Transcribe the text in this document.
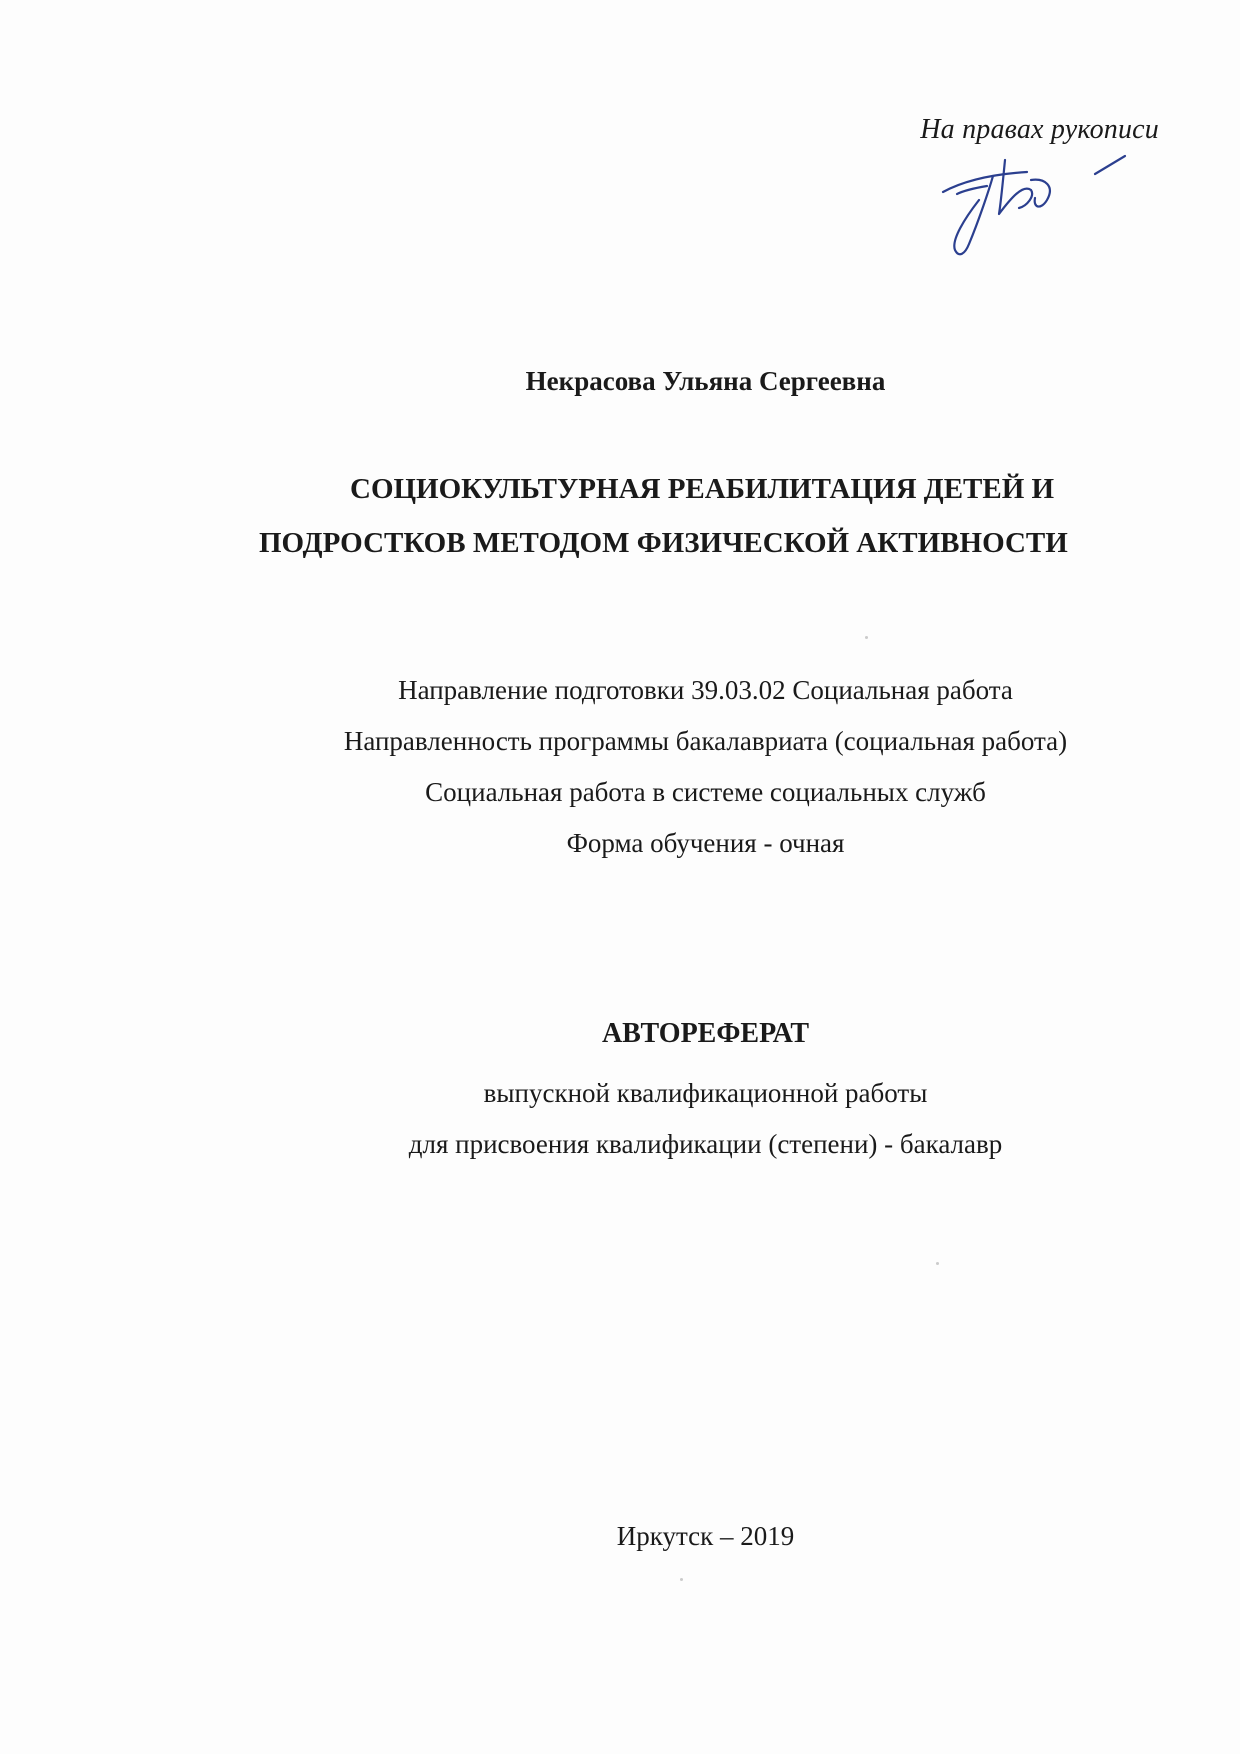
На правах рукописи
Некрасова Ульяна Сергеевна
СОЦИОКУЛЬТУРНАЯ РЕАБИЛИТАЦИЯ ДЕТЕЙ И
ПОДРОСТКОВ МЕТОДОМ ФИЗИЧЕСКОЙ АКТИВНОСТИ
Направление подготовки 39.03.02 Социальная работа
Направленность программы бакалавриата (социальная работа)
Социальная работа в системе социальных служб
Форма обучения - очная
АВТОРЕФЕРАТ
выпускной квалификационной работы
для присвоения квалификации (степени) - бакалавр
Иркутск – 2019
